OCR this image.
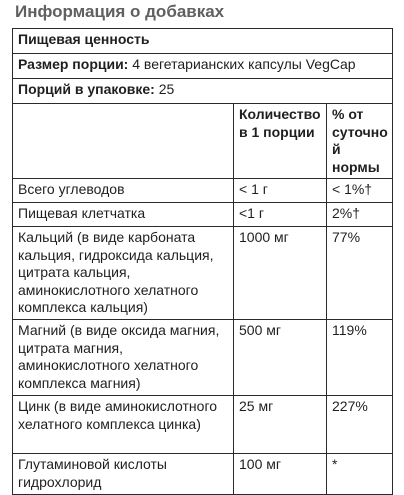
Информация о добавках
Пищевая ценность		
Размер порции: 4 вегетарианских капсулы VegCap		
Порций в упаковке: 25		
	Количество в 1 порции	% от суточной нормы
Всего углеводов	< 1 г	< 1%†
Пищевая клетчатка	<1 г	2%†
Кальций (в виде карбоната кальция, гидроксида кальция, цитрата кальция, аминокислотного хелатного комплекса кальция)	1000 мг	77%
Магний (в виде оксида магния, цитрата магния, аминокислотного хелатного комплекса магния)	500 мг	119%
Цинк (в виде аминокислотного хелатного комплекса цинка)	25 мг	227%
Глутаминовой кислоты гидрохлорид	100 мг	*
